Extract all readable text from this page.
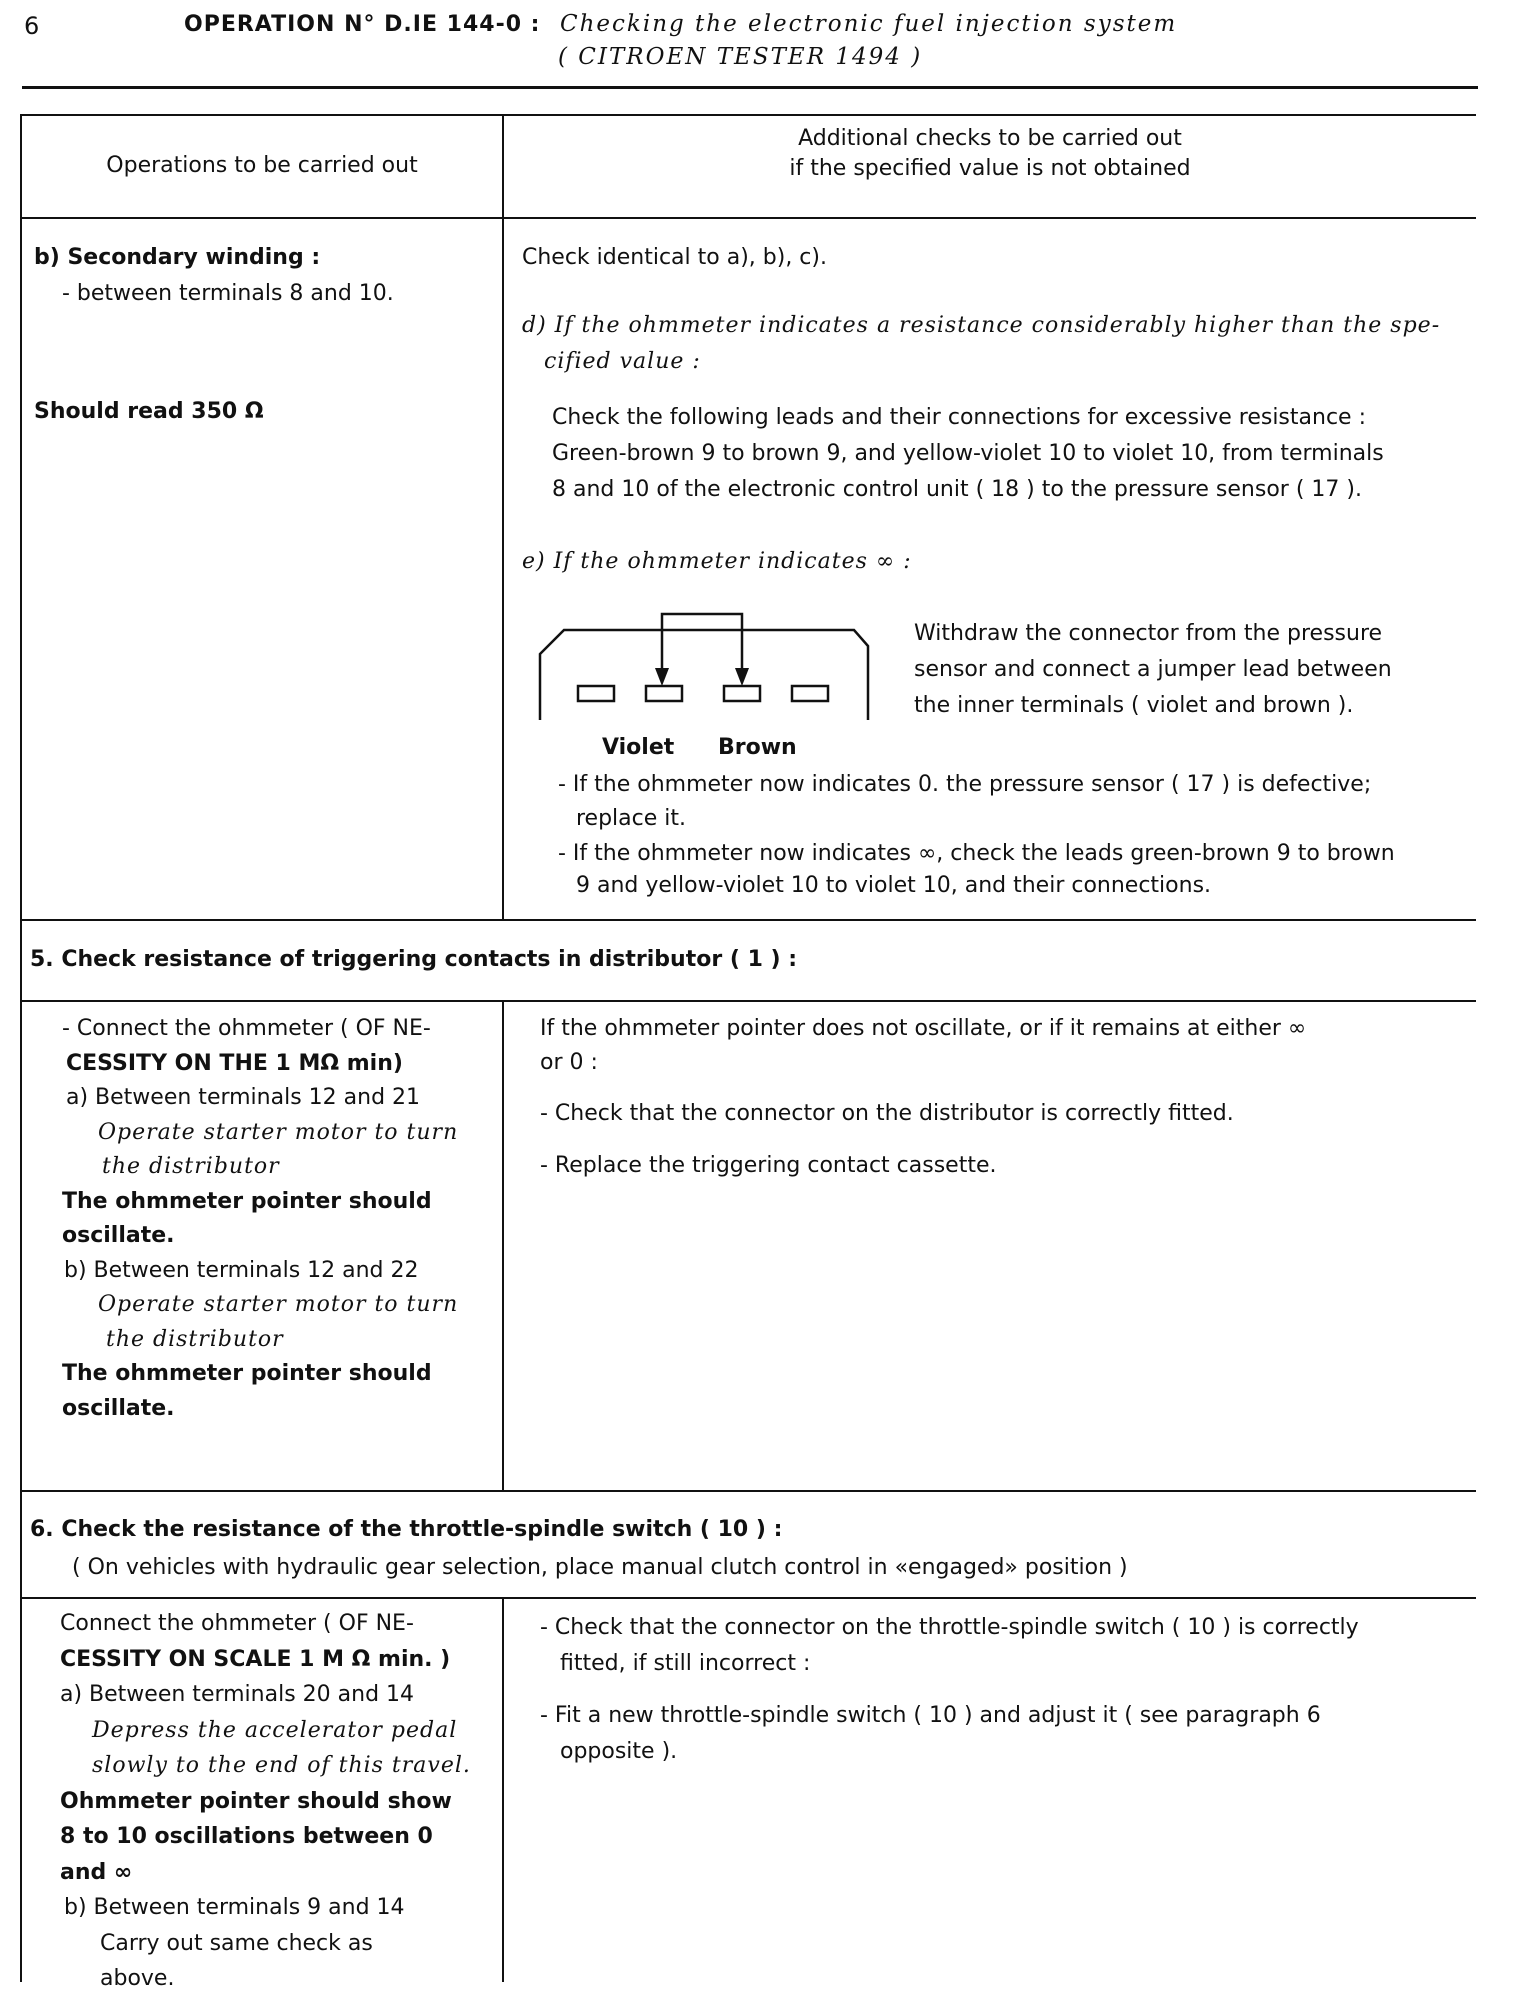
6	OPERATION N° D.IE 144-0 : Checking the electronic fuel injection system
( CITROEN TESTER 1494 )
Operations to be carried out
Additional checks to be carried out
if the specified value is not obtained
b) Secondary winding :
- between terminals 8 and 10.
Should read 350 Ω
Check identical to a), b), c).
d) If the ohmmeter indicates a resistance considerably higher than the spe-
cified value :
Check the following leads and their connections for excessive resistance :
Green-brown 9 to brown 9, and yellow-violet 10 to violet 10, from terminals
8 and 10 of the electronic control unit ( 18 ) to the pressure sensor ( 17 ).
e) If the ohmmeter indicates ∞ :
Violet Brown
Withdraw the connector from the pressure
sensor and connect a jumper lead between
the inner terminals ( violet and brown ).
- If the ohmmeter now indicates 0. the pressure sensor ( 17 ) is defective;
replace it.
- If the ohmmeter now indicates ∞, check the leads green-brown 9 to brown
9 and yellow-violet 10 to violet 10, and their connections.
5. Check resistance of triggering contacts in distributor ( 1 ) :
- Connect the ohmmeter ( OF NE-
CESSITY ON THE 1 MΩ min)
a) Between terminals 12 and 21
Operate starter motor to turn
the distributor
The ohmmeter pointer should
oscillate.
b) Between terminals 12 and 22
Operate starter motor to turn
the distributor
The ohmmeter pointer should
oscillate.
If the ohmmeter pointer does not oscillate, or if it remains at either ∞
or 0 :
- Check that the connector on the distributor is correctly fitted.
- Replace the triggering contact cassette.
6. Check the resistance of the throttle-spindle switch ( 10 ) :
( On vehicles with hydraulic gear selection, place manual clutch control in «engaged» position )
Connect the ohmmeter ( OF NE-
CESSITY ON SCALE 1 M Ω min. )
a) Between terminals 20 and 14
Depress the accelerator pedal
slowly to the end of this travel.
Ohmmeter pointer should show
8 to 10 oscillations between 0
and ∞
b) Between terminals 9 and 14
Carry out same check as
above.
- Check that the connector on the throttle-spindle switch ( 10 ) is correctly
fitted, if still incorrect :
- Fit a new throttle-spindle switch ( 10 ) and adjust it ( see paragraph 6
opposite ).
